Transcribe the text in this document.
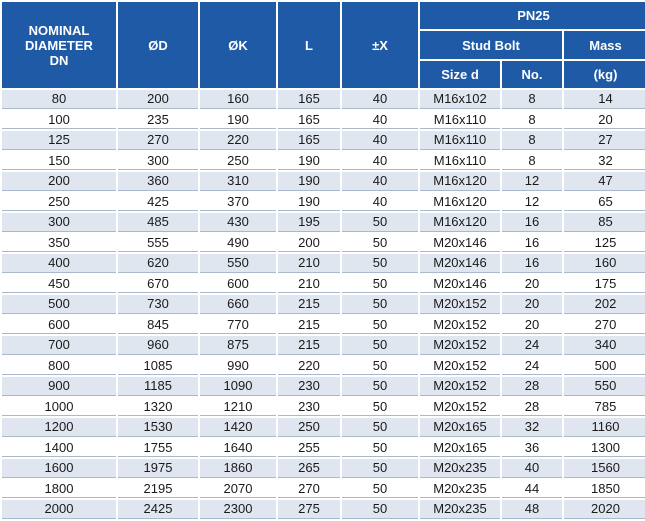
NOMINAL
DIAMETER
DN	ØD	ØK	L	±X	PN25		
					Stud Bolt		Mass
					Size d	No.	(kg)
80	200	160	165	40	M16x102	8	14
100	235	190	165	40	M16x110	8	20
125	270	220	165	40	M16x110	8	27
150	300	250	190	40	M16x110	8	32
200	360	310	190	40	M16x120	12	47
250	425	370	190	40	M16x120	12	65
300	485	430	195	50	M16x120	16	85
350	555	490	200	50	M20x146	16	125
400	620	550	210	50	M20x146	16	160
450	670	600	210	50	M20x146	20	175
500	730	660	215	50	M20x152	20	202
600	845	770	215	50	M20x152	20	270
700	960	875	215	50	M20x152	24	340
800	1085	990	220	50	M20x152	24	500
900	1185	1090	230	50	M20x152	28	550
1000	1320	1210	230	50	M20x152	28	785
1200	1530	1420	250	50	M20x165	32	1160
1400	1755	1640	255	50	M20x165	36	1300
1600	1975	1860	265	50	M20x235	40	1560
1800	2195	2070	270	50	M20x235	44	1850
2000	2425	2300	275	50	M20x235	48	2020
